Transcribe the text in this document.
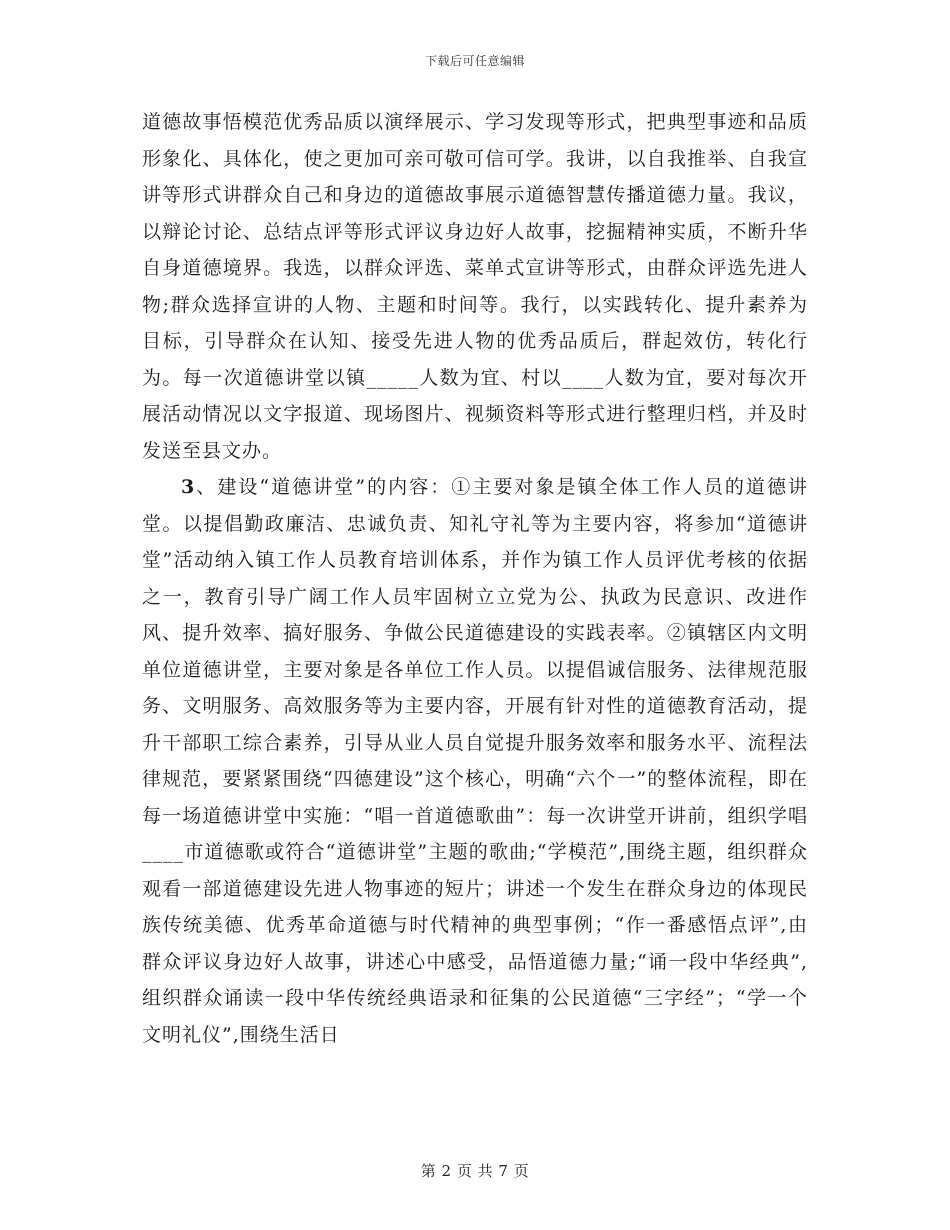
下载后可任意编辑

道德故事悟模范优秀品质以演绎展示、学习发现等形式，把典型事迹和品质形象化、具体化，使之更加可亲可敬可信可学。我讲，以自我推举、自我宣讲等形式讲群众自己和身边的道德故事展示道德智慧传播道德力量。我议，以辩论讨论、总结点评等形式评议身边好人故事，挖掘精神实质，不断升华自身道德境界。我选，以群众评选、菜单式宣讲等形式，由群众评选先进人物;群众选择宣讲的人物、主题和时间等。我行，以实践转化、提升素养为目标，引导群众在认知、接受先进人物的优秀品质后，群起效仿，转化行为。每一次道德讲堂以镇_____人数为宜、村以____人数为宜，要对每次开展活动情况以文字报道、现场图片、视频资料等形式进行整理归档，并及时发送至县文办。

3、建设“道德讲堂”的内容：①主要对象是镇全体工作人员的道德讲堂。以提倡勤政廉洁、忠诚负责、知礼守礼等为主要内容，将参加“道德讲堂”活动纳入镇工作人员教育培训体系，并作为镇工作人员评优考核的依据之一，教育引导广阔工作人员牢固树立立党为公、执政为民意识、改进作风、提升效率、搞好服务、争做公民道德建设的实践表率。②镇辖区内文明单位道德讲堂，主要对象是各单位工作人员。以提倡诚信服务、法律规范服务、文明服务、高效服务等为主要内容，开展有针对性的道德教育活动，提升干部职工综合素养，引导从业人员自觉提升服务效率和服务水平、流程法律规范，要紧紧围绕“四德建设”这个核心，明确“六个一”的整体流程，即在每一场道德讲堂中实施：“唱一首道德歌曲”：每一次讲堂开讲前，组织学唱____市道德歌或符合“道德讲堂”主题的歌曲;“学模范”,围绕主题，组织群众观看一部道德建设先进人物事迹的短片；讲述一个发生在群众身边的体现民族传统美德、优秀革命道德与时代精神的典型事例；“作一番感悟点评”,由群众评议身边好人故事，讲述心中感受，品悟道德力量;“诵一段中华经典”,组织群众诵读一段中华传统经典语录和征集的公民道德“三字经”；“学一个文明礼仪”,围绕生活日

第 2 页 共 7 页
